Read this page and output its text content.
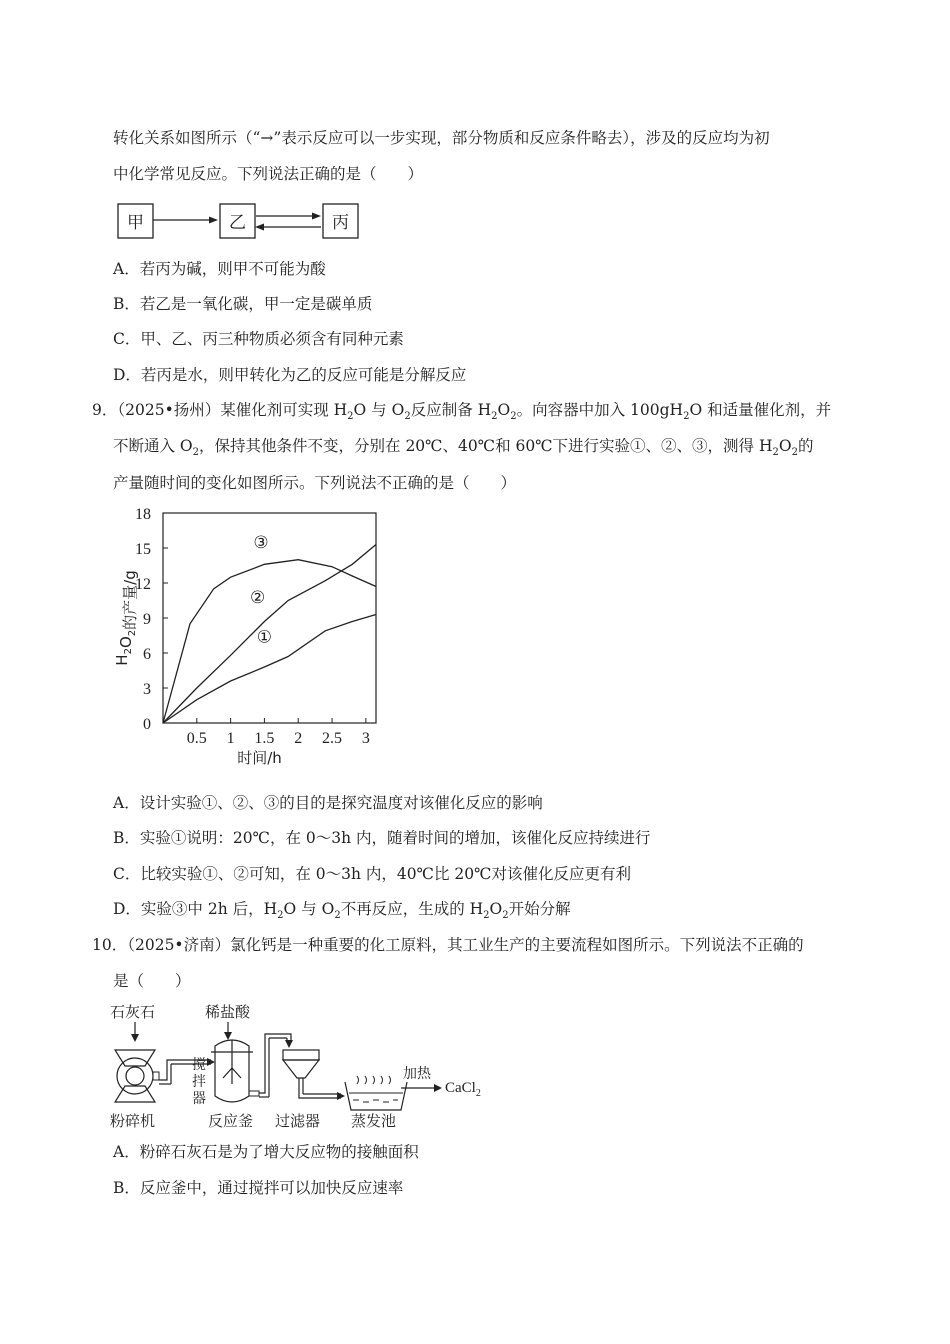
转化关系如图所示（“→”表示反应可以一步实现，部分物质和反应条件略去），涉及的反应均为初
中化学常见反应。下列说法正确的是（　　）
甲	乙	丙
A．若丙为碱，则甲不可能为酸
B．若乙是一氧化碳，甲一定是碳单质
C．甲、乙、丙三种物质必须含有同种元素
D．若丙是水，则甲转化为乙的反应可能是分解反应
9．（2025•扬州）某催化剂可实现 $H_2O$ 与 $O_2$反应制备 $H_2O_2$。向容器中加入 $100gH_2O$ 和适量催化剂，并
不断通入 $O_2$，保持其他条件不变，分别在 20℃、40℃和 60℃下进行实验①、②、③，测得 $H_2O_2$的
产量随时间的变化如图所示。下列说法不正确的是（　　）
0
3
6
9
12
15
18
0.5 1 1.5 2 2.5 3
时间/h
$H_2O_2$的产量/g
①
②
③
A．设计实验①、②、③的目的是探究温度对该催化反应的影响
B．实验①说明：20℃，在 0～3h 内，随着时间的增加，该催化反应持续进行
C．比较实验①、②可知，在 0～3h 内，40℃比 20℃对该催化反应更有利
D．实验③中 2h 后，$H_2O$ 与 $O_2$不再反应，生成的 $H_2O_2$开始分解
10．（2025•济南）氯化钙是一种重要的化工原料，其工业生产的主要流程如图所示。下列说法不正确的
是（　　）
石灰石	稀盐酸
搅
拌
器
加热
CaCl$_2$
粉碎机	反应釜 过滤器 蒸发池
A．粉碎石灰石是为了增大反应物的接触面积
B．反应釜中，通过搅拌可以加快反应速率
